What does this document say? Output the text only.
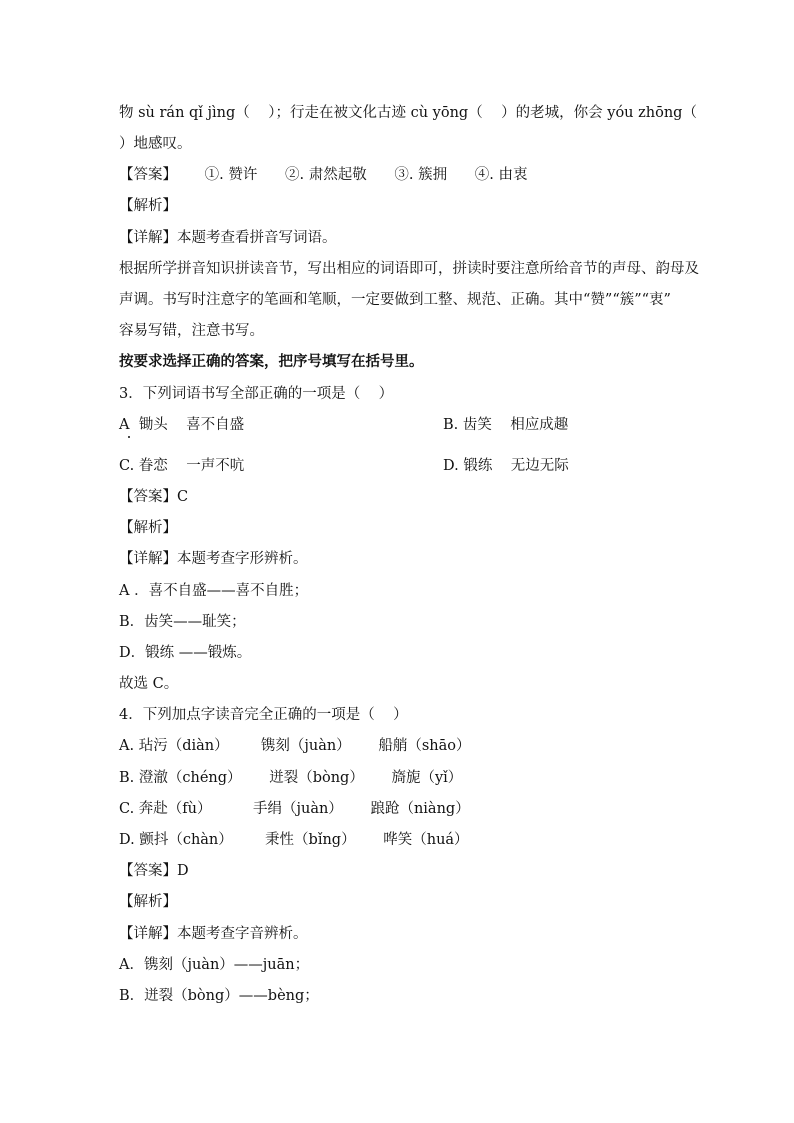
物 sù rán qǐ jìng（    ）；行走在被文化古迹 cù yōng（    ）的老城，你会 yóu zhōng（
）地感叹。
【答案】      ①. 赞许      ②. 肃然起敬      ③. 簇拥      ④. 由衷
【解析】
【详解】本题考查看拼音写词语。
根据所学拼音知识拼读音节，写出相应的词语即可，拼读时要注意所给音节的声母、韵母及
声调。书写时注意字的笔画和笔顺，一定要做到工整、规范、正确。其中“赞”“簇”“衷”
容易写错，注意书写。
按要求选择正确的答案，把序号填写在括号里。
3．下列词语书写全部正确的一项是（    ）
A  锄头    喜不自盛	B. 齿笑    相应成趣
C. 眷恋    一声不吭	D. 锻练    无边无际
【答案】C
【解析】
【详解】本题考查字形辨析。
A ．喜不自盛——喜不自胜；
B．齿笑——耻笑；
D．锻练 ——锻炼。
故选 C。
4．下列加点字读音完全正确的一项是（    ）
A. 玷污（diàn）       镌刻（juàn）      船艄（shāo）
B. 澄澈（chéng）      迸裂（bòng）      旖旎（yǐ）
C. 奔赴（fù）         手绢（juàn）      踉跄（niàng）
D. 颤抖（chàn）       秉性（bǐng）      哗笑（huá）
【答案】D
【解析】
【详解】本题考查字音辨析。
A．镌刻（juàn）——juān；
B．迸裂（bòng）——bèng；
